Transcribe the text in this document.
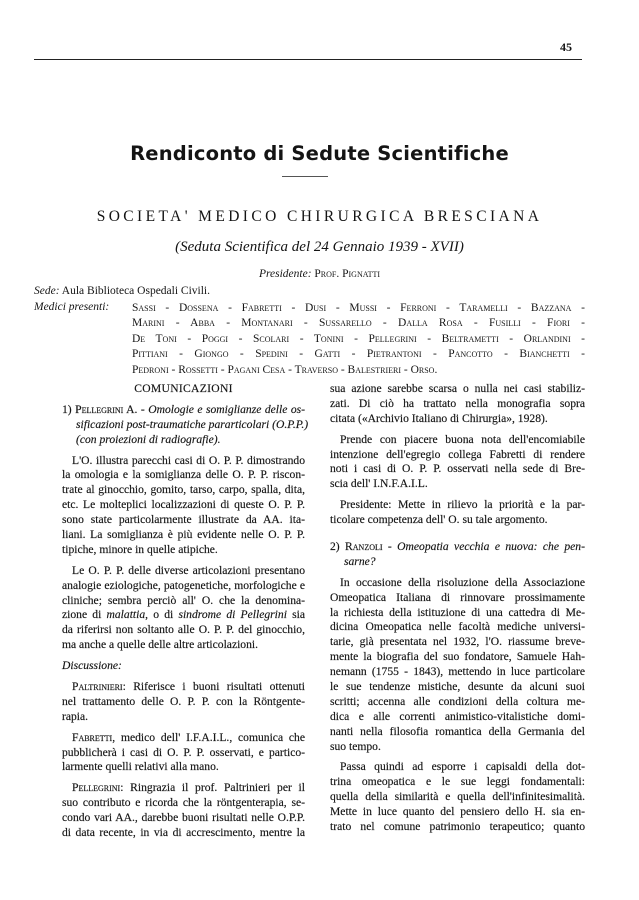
45
Rendiconto di Sedute Scientifiche
SOCIETA' MEDICO CHIRURGICA BRESCIANA
(Seduta Scientifica del 24 Gennaio 1939 - XVII)
Presidente: Prof. Pignatti
Sede: Aula Biblioteca Ospedali Civili.
Medici presenti: Sassi - Dossena - Fabretti - Dusi - Mussi - Ferroni - Taramelli - Bazzana -
Marini - Abba - Montanari - Sussarello - Dalla Rosa - Fusilli - Fiori -
De Toni - Poggi - Scolari - Tonini - Pellegrini - Beltrametti - Orlandini -
Pittiani - Giongo - Spedini - Gatti - Pietrantoni - Pancotto - Bianchetti -
Pedroni - Rossetti - Pagani Cesa - Traverso - Balestrieri - Orso.
COMUNICAZIONI
1) Pellegrini A. - Omologie e somiglianze delle os-
sificazioni post-traumatiche pararticolari (O.P.P.)
(con proiezioni di radiografie).
L'O. illustra parecchi casi di O. P. P. dimostrando
la omologia e la somiglianza delle O. P. P. riscon-
trate al ginocchio, gomito, tarso, carpo, spalla, dita,
etc. Le molteplici localizzazioni di queste O. P. P.
sono state particolarmente illustrate da AA. ita-
liani. La somiglianza è più evidente nelle O. P. P.
tipiche, minore in quelle atipiche.
Le O. P. P. delle diverse articolazioni presentano
analogie eziologiche, patogenetiche, morfologiche e
cliniche; sembra perciò all' O. che la denomina-
zione di malattia, o di sindrome di Pellegrini sia
da riferirsi non soltanto alle O. P. P. del ginocchio,
ma anche a quelle delle altre articolazioni.
Discussione:
Paltrinieri: Riferisce i buoni risultati ottenuti
nel trattamento delle O. P. P. con la Röntgente-
rapia.
Fabretti, medico dell' I.F.A.I.L., comunica che
pubblicherà i casi di O. P. P. osservati, e partico-
larmente quelli relativi alla mano.
Pellegrini: Ringrazia il prof. Paltrinieri per il
suo contributo e ricorda che la röntgenterapia, se-
condo vari AA., darebbe buoni risultati nelle O.P.P.
di data recente, in via di accrescimento, mentre la
sua azione sarebbe scarsa o nulla nei casi stabiliz-
zati. Di ciò ha trattato nella monografia sopra
citata («Archivio Italiano di Chirurgia», 1928).
Prende con piacere buona nota dell'encomiabile
intenzione dell'egregio collega Fabretti di rendere
noti i casi di O. P. P. osservati nella sede di Bre-
scia dell' I.N.F.A.I.L.
Presidente: Mette in rilievo la priorità e la par-
ticolare competenza dell' O. su tale argomento.
2) Ranzoli - Omeopatia vecchia e nuova: che pen-
sarne?
In occasione della risoluzione della Associazione
Omeopatica Italiana di rinnovare prossimamente
la richiesta della istituzione di una cattedra di Me-
dicina Omeopatica nelle facoltà mediche universi-
tarie, già presentata nel 1932, l'O. riassume breve-
mente la biografia del suo fondatore, Samuele Hah-
nemann (1755 - 1843), mettendo in luce particolare
le sue tendenze mistiche, desunte da alcuni suoi
scritti; accenna alle condizioni della coltura me-
dica e alle correnti animistico-vitalistiche domi-
nanti nella filosofia romantica della Germania del
suo tempo.
Passa quindi ad esporre i capisaldi della dot-
trina omeopatica e le sue leggi fondamentali:
quella della similarità e quella dell'infinitesimalità.
Mette in luce quanto del pensiero dello H. sia en-
trato nel comune patrimonio terapeutico; quanto
